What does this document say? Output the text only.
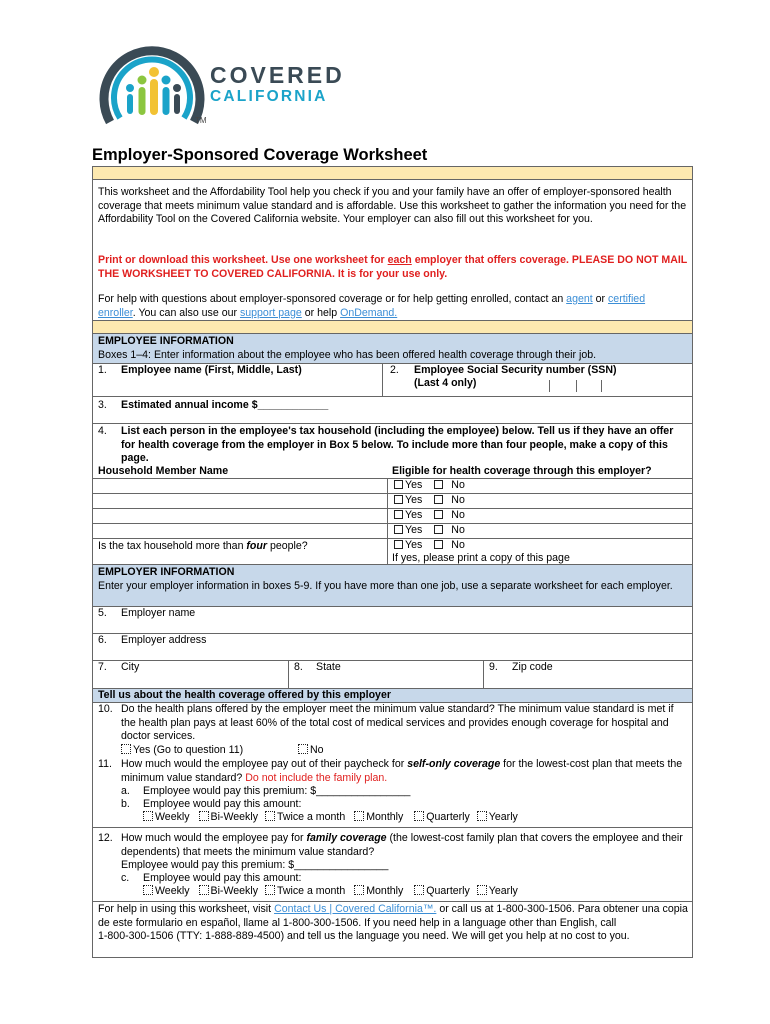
COVERED
CALIFORNIA
TM
Employer-Sponsored Coverage Worksheet
This worksheet and the Affordability Tool help you check if you and your family have an offer of employer-sponsored health coverage that meets minimum value standard and is affordable. Use this worksheet to gather the information you need for the Affordability Tool on the Covered California website. Your employer can also fill out this worksheet for you.
Print or download this worksheet. Use one worksheet for each employer that offers coverage. PLEASE DO NOT MAIL THE WORKSHEET TO COVERED CALIFORNIA. It is for your use only.
For help with questions about employer-sponsored coverage or for help getting enrolled, contact an agent or certified
enroller. You can also use our support page or help OnDemand.
EMPLOYEE INFORMATION
Boxes 1–4: Enter information about the employee who has been offered health coverage through their job.
1. Employee name (First, Middle, Last)	2. Employee Social Security number (SSN)
(Last 4 only)
3. Estimated annual income $____________
4. List each person in the employee's tax household (including the employee) below. Tell us if they have an offer for health coverage from the employer in Box 5 below. To include more than four people, make a copy of this page.
Household Member Name	Eligible for health coverage through this employer?
Yes	No
Yes	No
Yes	No
Yes	No
Is the tax household more than four people?	Yes	No
If yes, please print a copy of this page
EMPLOYER INFORMATION
Enter your employer information in boxes 5-9. If you have more than one job, use a separate worksheet for each employer.
5. Employer name
6. Employer address
7. City	8. State	9. Zip code
Tell us about the health coverage offered by this employer
10. Do the health plans offered by the employer meet the minimum value standard? The minimum value standard is met if the health plan pays at least 60% of the total cost of medical services and provides enough coverage for hospital and doctor services.
Yes (Go to question 11)	No
11. How much would the employee pay out of their paycheck for self-only coverage for the lowest-cost plan that meets the minimum value standard? Do not include the family plan.
a. Employee would pay this premium: $________________
b. Employee would pay this amount:
Weekly Bi-Weekly Twice a month Monthly Quarterly Yearly
12. How much would the employee pay for family coverage (the lowest-cost family plan that covers the employee and their dependents) that meets the minimum value standard?
Employee would pay this premium: $________________
c. Employee would pay this amount:
Weekly Bi-Weekly Twice a month Monthly Quarterly Yearly
For help in using this worksheet, visit Contact Us | Covered California™. or call us at 1-800-300-1506. Para obtener una copia de este formulario en español, llame al 1-800-300-1506. If you need help in a language other than English, call
1-800-300-1506 (TTY: 1-888-889-4500) and tell us the language you need. We will get you help at no cost to you.
